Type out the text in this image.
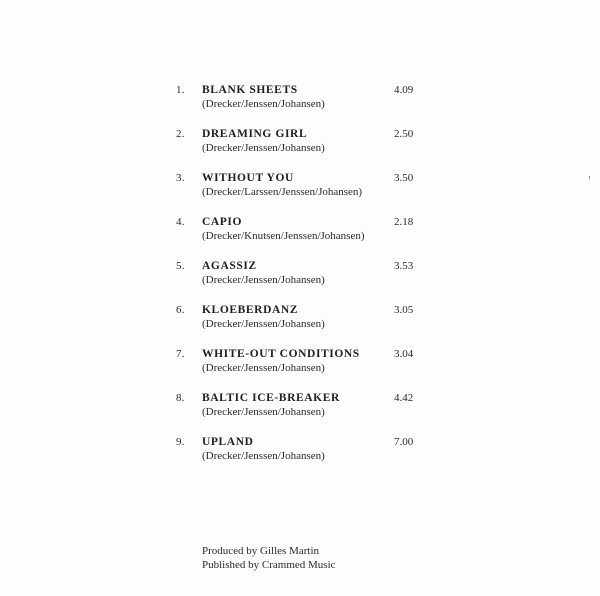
1. BLANK SHEETS	4.09
(Drecker/Jenssen/Johansen)
2. DREAMING GIRL	2.50
(Drecker/Jenssen/Johansen)
3. WITHOUT YOU	3.50
(Drecker/Larssen/Jenssen/Johansen)
4. CAPIO	2.18
(Drecker/Knutsen/Jenssen/Johansen)
5. AGASSIZ	3.53
(Drecker/Jenssen/Johansen)
6. KLOEBERDANZ	3.05
(Drecker/Jenssen/Johansen)
7. WHITE-OUT CONDITIONS	3.04
(Drecker/Jenssen/Johansen)
8. BALTIC ICE-BREAKER	4.42
(Drecker/Jenssen/Johansen)
9. UPLAND	7.00
(Drecker/Jenssen/Johansen)
Produced by Gilles Martin
Published by Crammed Music
